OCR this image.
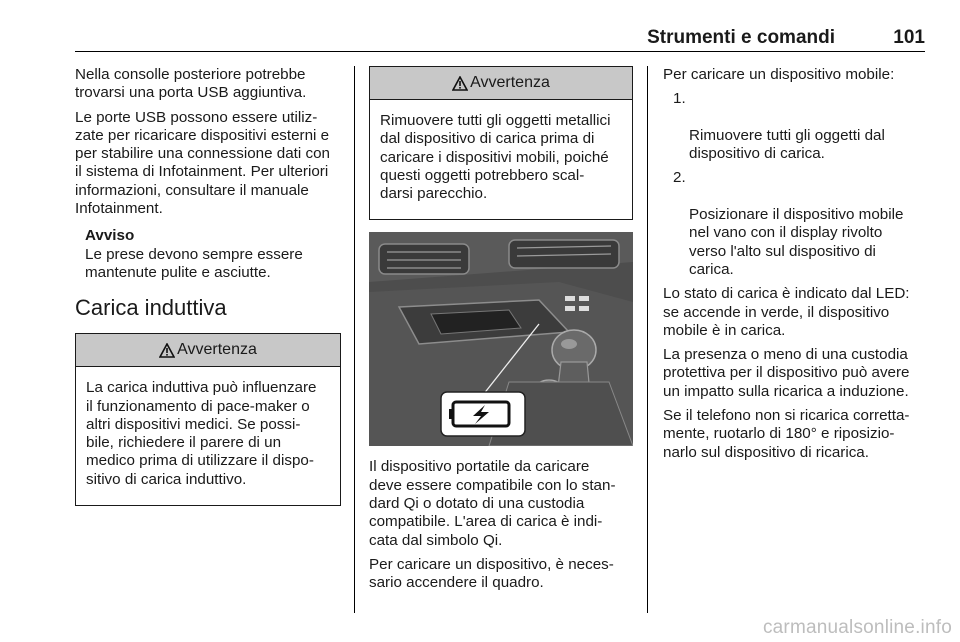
Strumenti e comandi	101
Nella consolle posteriore potrebbe
trovarsi una porta USB aggiuntiva.
Le porte USB possono essere utiliz-
zate per ricaricare dispositivi esterni e
per stabilire una connessione dati con
il sistema di Infotainment. Per ulteriori
informazioni, consultare il manuale
Infotainment.
Avviso
Le prese devono sempre essere
mantenute pulite e asciutte.
Carica induttiva
Avvertenza
La carica induttiva può influenzare
il funzionamento di pace-maker o
altri dispositivi medici. Se possi-
bile, richiedere il parere di un
medico prima di utilizzare il dispo-
sitivo di carica induttivo.
Avvertenza
Rimuovere tutti gli oggetti metallici
dal dispositivo di carica prima di
caricare i dispositivi mobili, poiché
questi oggetti potrebbero scal-
darsi parecchio.
Il dispositivo portatile da caricare
deve essere compatibile con lo stan-
dard Qi o dotato di una custodia
compatibile. L'area di carica è indi-
cata dal simbolo Qi.
Per caricare un dispositivo, è neces-
sario accendere il quadro.
Per caricare un dispositivo mobile:

1.

Rimuovere tutti gli oggetti dal
dispositivo di carica.

2.

Posizionare il dispositivo mobile
nel vano con il display rivolto
verso l'alto sul dispositivo di
carica.

Lo stato di carica è indicato dal LED:
se accende in verde, il dispositivo
mobile è in carica.
La presenza o meno di una custodia
protettiva per il dispositivo può avere
un impatto sulla ricarica a induzione.
Se il telefono non si ricarica corretta-
mente, ruotarlo di 180° e riposizio-
narlo sul dispositivo di ricarica.
carmanualsonline.info
